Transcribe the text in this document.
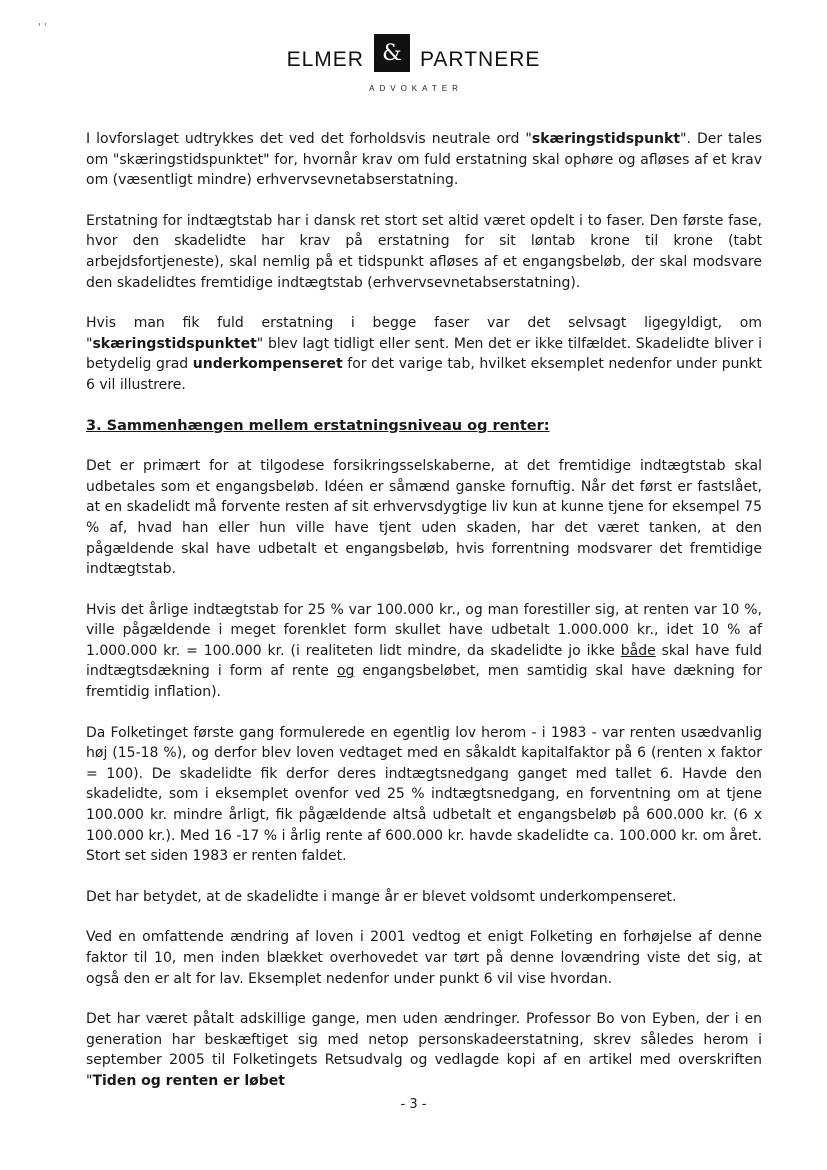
' '
ELMER & PARTNERE
ADVOKATER

I lovforslaget udtrykkes det ved det forholdsvis neutrale ord "skæringstidspunkt". Der tales om "skæringstidspunktet" for, hvornår krav om fuld erstatning skal ophøre og afløses af et krav om (væsentligt mindre) erhvervsevnetabserstatning.

Erstatning for indtægtstab har i dansk ret stort set altid været opdelt i to faser. Den første fase, hvor den skadelidte har krav på erstatning for sit løntab krone til krone (tabt arbejdsfortjeneste), skal nemlig på et tidspunkt afløses af et engangsbeløb, der skal modsvare den skadelidtes fremtidige indtægtstab (erhvervsevnetabserstatning).

Hvis man fik fuld erstatning i begge faser var det selvsagt ligegyldigt, om "skæringstidspunktet" blev lagt tidligt eller sent. Men det er ikke tilfældet. Skadelidte bliver i betydelig grad underkompenseret for det varige tab, hvilket eksemplet nedenfor under punkt 6 vil illustrere.

3. Sammenhængen mellem erstatningsniveau og renter:

Det er primært for at tilgodese forsikringsselskaberne, at det fremtidige indtægtstab skal udbetales som et engangsbeløb. Idéen er såmænd ganske fornuftig. Når det først er fastslået, at en skadelidt må forvente resten af sit erhvervsdygtige liv kun at kunne tjene for eksempel 75 % af, hvad han eller hun ville have tjent uden skaden, har det været tanken, at den pågældende skal have udbetalt et engangsbeløb, hvis forrentning modsvarer det fremtidige indtægtstab.

Hvis det årlige indtægtstab for 25 % var 100.000 kr., og man forestiller sig, at renten var 10 %, ville pågældende i meget forenklet form skullet have udbetalt 1.000.000 kr., idet 10 % af 1.000.000 kr. = 100.000 kr. (i realiteten lidt mindre, da skadelidte jo ikke både skal have fuld indtægtsdækning i form af rente og engangsbeløbet, men samtidig skal have dækning for fremtidig inflation).

Da Folketinget første gang formulerede en egentlig lov herom - i 1983 - var renten usædvanlig høj (15-18 %), og derfor blev loven vedtaget med en såkaldt kapitalfaktor på 6 (renten x faktor = 100). De skadelidte fik derfor deres indtægtsnedgang ganget med tallet 6. Havde den skadelidte, som i eksemplet ovenfor ved 25 % indtægtsnedgang, en forventning om at tjene 100.000 kr. mindre årligt, fik pågældende altså udbetalt et engangsbeløb på 600.000 kr. (6 x 100.000 kr.). Med 16 -17 % i årlig rente af 600.000 kr. havde skadelidte ca. 100.000 kr. om året. Stort set siden 1983 er renten faldet.

Det har betydet, at de skadelidte i mange år er blevet voldsomt underkompenseret.

Ved en omfattende ændring af loven i 2001 vedtog et enigt Folketing en forhøjelse af denne faktor til 10, men inden blækket overhovedet var tørt på denne lovændring viste det sig, at også den er alt for lav. Eksemplet nedenfor under punkt 6 vil vise hvordan.

Det har været påtalt adskillige gange, men uden ændringer. Professor Bo von Eyben, der i en generation har beskæftiget sig med netop personskadeerstatning, skrev således herom i september 2005 til Folketingets Retsudvalg og vedlagde kopi af en artikel med overskriften "Tiden og renten er løbet

- 3 -
